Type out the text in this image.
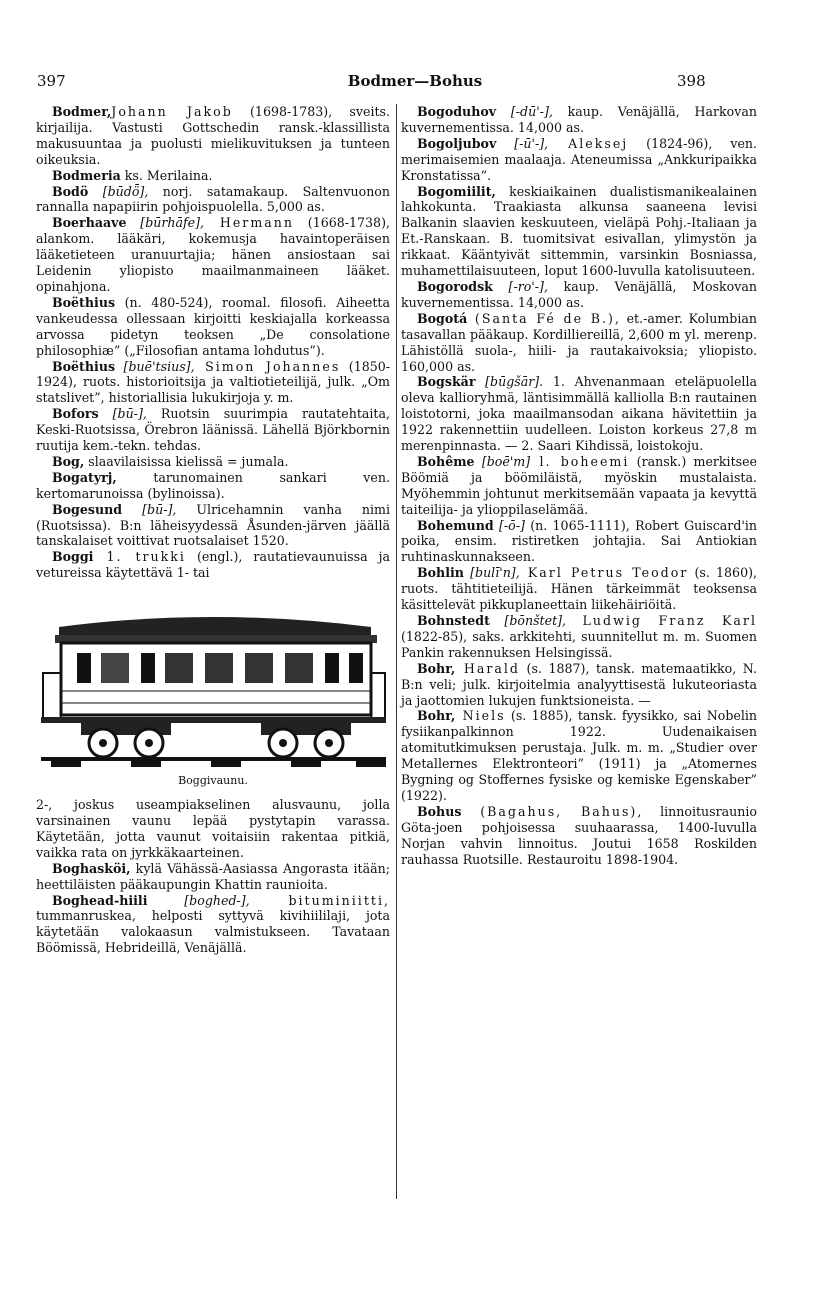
397	Bodmer—Bohus	398

Bodmer,Johann Jakob (1698-1783), sveits. kirjailija. Vastusti Gottschedin ransk.-klassillista makusuuntaa ja puolusti mielikuvituksen ja tunteen oikeuksia.

Bodmeria ks. Merilaina.

Bodö [būdȫ], norj. satamakaup. Saltenvuonon rannalla napapiirin pohjoispuolella. 5,000 as.

Boerhaave [būrhāfe], Hermann (1668-1738), alankom. lääkäri, kokemusja havaintoperäisen lääketieteen uranuurtajia; hänen ansiostaan sai Leidenin yliopisto maailmanmaineen lääket. opinahjona.

Boëthius (n. 480-524), roomal. filosofi. Aiheetta vankeudessa ollessaan kirjoitti keskiajalla korkeassa arvossa pidetyn teoksen „De consolatione philosophiæ” („Filosofian antama lohdutus”).

Boëthius [buē'tsius], Simon Johannes (1850-1924), ruots. historioitsija ja valtiotieteilijä, julk. „Om statslivet”, historiallisia lukukirjoja y. m.

Bofors [bū-], Ruotsin suurimpia rautatehtaita, Keski-Ruotsissa, Örebron läänissä. Lähellä Björkbornin ruutija kem.-tekn. tehdas.

Bog, slaavilaisissa kielissä = jumala.

Bogatyrj, tarunomainen sankari ven. kertomarunoissa (bylinoissa).

Bogesund [bū-], Ulricehamnin vanha nimi (Ruotsissa). B:n läheisyydessä Åsunden-järven jäällä tanskalaiset voittivat ruotsalaiset 1520.

Boggi 1. trukki (engl.), rautatievaunuissa ja vetureissa käytettävä 1- tai

Boggivaunu.

2-, joskus useampiakselinen alusvaunu, jolla varsinainen vaunu lepää pystytapin varassa. Käytetään, jotta vaunut voitaisiin rakentaa pitkiä, vaikka rata on jyrkkäkaarteinen.

Boghasköi, kylä Vähässä-Aasiassa Angorasta itään; heettiläisten pääkaupungin Khattin raunioita.

Boghead-hiili [boghed-], bituminiitti, tummanruskea, helposti syttyvä kivihiililaji, jota käytetään valokaasun valmistukseen. Tavataan Böömissä, Hebrideillä, Venäjällä.

Bogoduhov [-dū'-], kaup. Venäjällä, Harkovan kuvernementissa. 14,000 as.

Bogoljubov [-ū'-], Aleksej (1824-96), ven. merimaisemien maalaaja. Ateneumissa „Ankkuripaikka Kronstatissa”.

Bogomiilit, keskiaikainen dualistismanikealainen lahkokunta. Traakiasta alkunsa saaneena levisi Balkanin slaavien keskuuteen, vieläpä Pohj.-Italiaan ja Et.-Ranskaan. B. tuomitsivat esivallan, ylimystön ja rikkaat. Kääntyivät sittemmin, varsinkin Bosniassa, muhamettilaisuuteen, loput 1600-luvulla katolisuuteen.

Bogorodsk [-ro'-], kaup. Venäjällä, Moskovan kuvernementissa. 14,000 as.

Bogotá (Santa Fé de B.), et.-amer. Kolumbian tasavallan pääkaup. Kordilliereillä, 2,600 m yl. merenp. Lähistöllä suola-, hiili- ja rautakaivoksia; yliopisto. 160,000 as.

Bogskär [būgšār]. 1. Ahvenanmaan eteläpuolella oleva kallioryhmä, läntisimmällä kalliolla B:n rautainen loistotorni, joka maailmansodan aikana hävitettiin ja 1922 rakennettiin uudelleen. Loiston korkeus 27,8 m merenpinnasta. — 2. Saari Kihdissä, loistokoju.

Bohême [boē'm] l. boheemi (ransk.) merkitsee Böömiä ja böömiläistä, myöskin mustalaista. Myöhemmin johtunut merkitsemään vapaata ja kevyttä taiteilija- ja ylioppilaselämää.

Bohemund [-ō-] (n. 1065-1111), Robert Guiscard'in poika, ensim. ristiretken johtajia. Sai Antiokian ruhtinaskunnakseen.

Bohlin [bulī'n], Karl Petrus Teodor (s. 1860), ruots. tähtitieteilijä. Hänen tärkeimmät teoksensa käsittelevät pikkuplaneettain liikehäiriöitä.

Bohnstedt [bōnštet], Ludwig Franz Karl (1822-85), saks. arkkitehti, suunnitellut m. m. Suomen Pankin rakennuksen Helsingissä.

Bohr, Harald (s. 1887), tansk. matemaatikko, N. B:n veli; julk. kirjoitelmia analyyttisestä lukuteoriasta ja jaottomien lukujen funktsioneista. —

Bohr, Niels (s. 1885), tansk. fyysikko, sai Nobelin fysiikanpalkinnon 1922. Uudenaikaisen atomitutkimuksen perustaja. Julk. m. m. „Studier over Metallernes Elektronteori” (1911) ja „Atomernes Bygning og Stoffernes fysiske og kemiske Egenskaber” (1922).

Bohus (Bagahus, Bahus), linnoitusraunio Göta-joen pohjoisessa suuhaarassa, 1400-luvulla Norjan vahvin linnoitus. Joutui 1658 Roskilden rauhassa Ruotsille. Restauroitu 1898-1904.
